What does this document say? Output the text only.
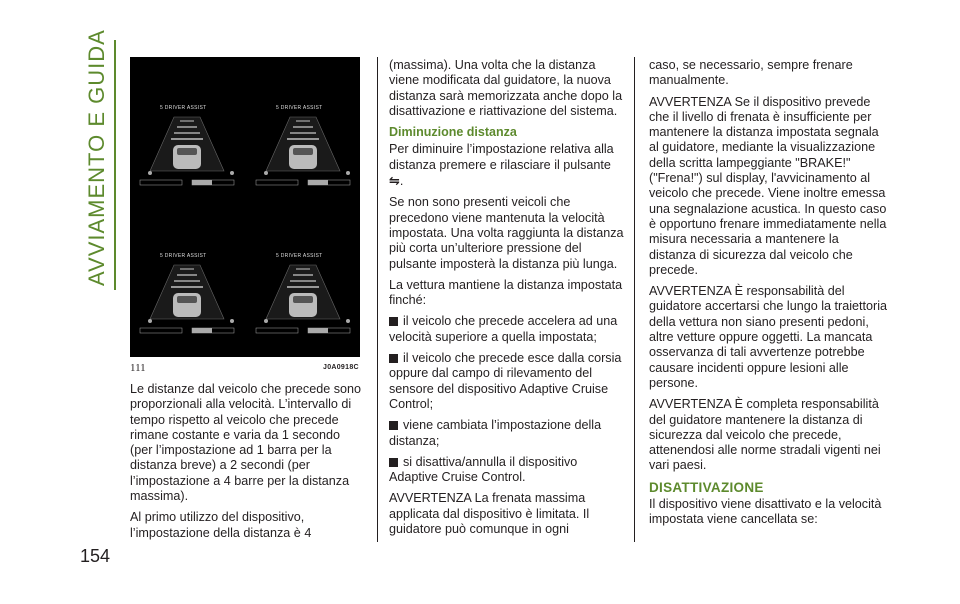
AVVIAMENTO E GUIDA
154
5 DRIVER ASSIST	5 DRIVER ASSIST
5 DRIVER ASSIST	5 DRIVER ASSIST
111	J0A0918C

Le distanze dal veicolo che precede sono proporzionali alla velocità. L’intervallo di tempo rispetto al veicolo che precede rimane costante e varia da 1 secondo (per l’impostazione ad 1 barra per la distanza breve) a 2 secondi (per l’impostazione a 4 barre per la distanza massima).

Al primo utilizzo del dispositivo, l’impostazione della distanza è 4

(massima). Una volta che la distanza viene modificata dal guidatore, la nuova distanza sarà memorizzata anche dopo la disattivazione e riattivazione del sistema.

Diminuzione distanza

Per diminuire l’impostazione relativa alla distanza premere e rilasciare il pulsante
⇋.

Se non sono presenti veicoli che precedono viene mantenuta la velocità impostata. Una volta raggiunta la distanza più corta un’ulteriore pressione del pulsante imposterà la distanza più lunga.

La vettura mantiene la distanza impostata finché:

il veicolo che precede accelera ad una velocità superiore a quella impostata;

il veicolo che precede esce dalla corsia oppure dal campo di rilevamento del sensore del dispositivo Adaptive Cruise Control;

viene cambiata l’impostazione della distanza;

si disattiva/annulla il dispositivo Adaptive Cruise Control.

AVVERTENZA La frenata massima applicata dal dispositivo è limitata. Il guidatore può comunque in ogni

caso, se necessario, sempre frenare manualmente.

AVVERTENZA Se il dispositivo prevede che il livello di frenata è insufficiente per mantenere la distanza impostata segnala al guidatore, mediante la visualizzazione della scritta lampeggiante "BRAKE!" ("Frena!") sul display, l'avvicinamento al veicolo che precede. Viene inoltre emessa una segnalazione acustica. In questo caso è opportuno frenare immediatamente nella misura necessaria a mantenere la distanza di sicurezza dal veicolo che precede.

AVVERTENZA È responsabilità del guidatore accertarsi che lungo la traiettoria della vettura non siano presenti pedoni, altre vetture oppure oggetti. La mancata osservanza di tali avvertenze potrebbe causare incidenti oppure lesioni alle persone.

AVVERTENZA È completa responsabilità del guidatore mantenere la distanza di sicurezza dal veicolo che precede, attenendosi alle norme stradali vigenti nei vari paesi.

DISATTIVAZIONE

Il dispositivo viene disattivato e la velocità impostata viene cancellata se:
